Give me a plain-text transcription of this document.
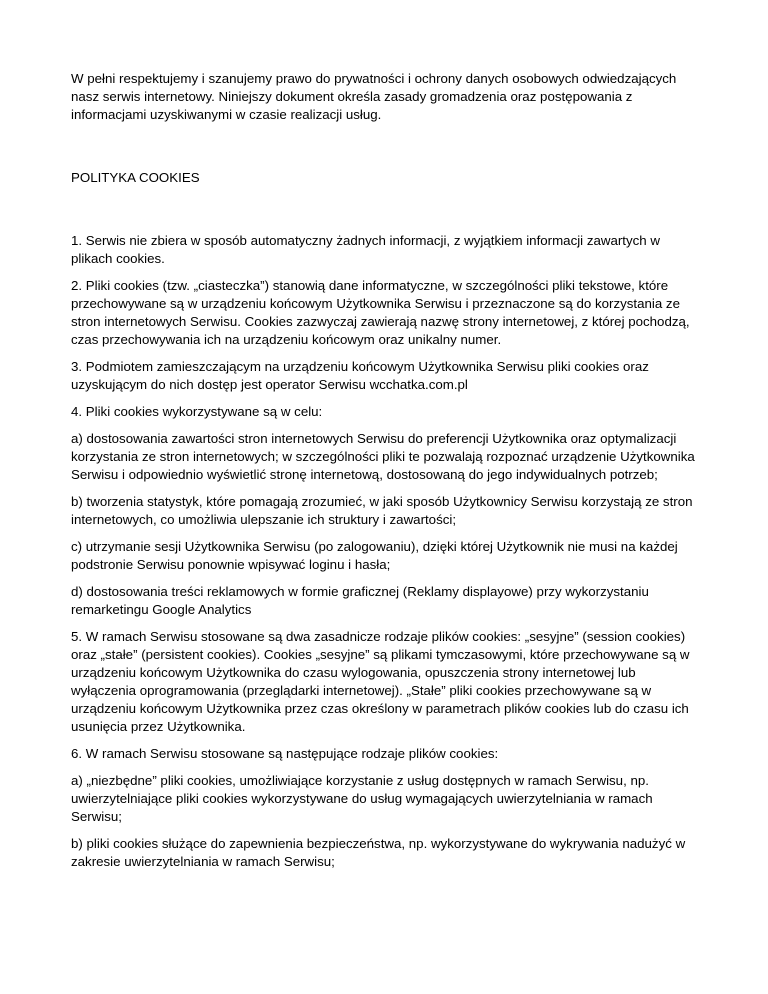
W pełni respektujemy i szanujemy prawo do prywatności i ochrony danych osobowych odwiedzających nasz serwis internetowy. Niniejszy dokument określa zasady gromadzenia oraz postępowania z informacjami uzyskiwanymi w czasie realizacji usług.

POLITYKA COOKIES

1. Serwis nie zbiera w sposób automatyczny żadnych informacji, z wyjątkiem informacji zawartych w plikach cookies.

2. Pliki cookies (tzw. „ciasteczka”) stanowią dane informatyczne, w szczególności pliki tekstowe, które przechowywane są w urządzeniu końcowym Użytkownika Serwisu i przeznaczone są do korzystania ze stron internetowych Serwisu. Cookies zazwyczaj zawierają nazwę strony internetowej, z której pochodzą, czas przechowywania ich na urządzeniu końcowym oraz unikalny numer.

3. Podmiotem zamieszczającym na urządzeniu końcowym Użytkownika Serwisu pliki cookies oraz uzyskującym do nich dostęp jest operator Serwisu wcchatka.com.pl

4. Pliki cookies wykorzystywane są w celu:

a) dostosowania zawartości stron internetowych Serwisu do preferencji Użytkownika oraz optymalizacji korzystania ze stron internetowych; w szczególności pliki te pozwalają rozpoznać urządzenie Użytkownika Serwisu i odpowiednio wyświetlić stronę internetową, dostosowaną do jego indywidualnych potrzeb;

b) tworzenia statystyk, które pomagają zrozumieć, w jaki sposób Użytkownicy Serwisu korzystają ze stron internetowych, co umożliwia ulepszanie ich struktury i zawartości;

c) utrzymanie sesji Użytkownika Serwisu (po zalogowaniu), dzięki której Użytkownik nie musi na każdej podstronie Serwisu ponownie wpisywać loginu i hasła;

d) dostosowania treści reklamowych w formie graficznej (Reklamy displayowe) przy wykorzystaniu remarketingu Google Analytics

5. W ramach Serwisu stosowane są dwa zasadnicze rodzaje plików cookies: „sesyjne” (session cookies) oraz „stałe” (persistent cookies). Cookies „sesyjne” są plikami tymczasowymi, które przechowywane są w urządzeniu końcowym Użytkownika do czasu wylogowania, opuszczenia strony internetowej lub wyłączenia oprogramowania (przeglądarki internetowej). „Stałe” pliki cookies przechowywane są w urządzeniu końcowym Użytkownika przez czas określony w parametrach plików cookies lub do czasu ich usunięcia przez Użytkownika.

6. W ramach Serwisu stosowane są następujące rodzaje plików cookies:

a) „niezbędne” pliki cookies, umożliwiające korzystanie z usług dostępnych w ramach Serwisu, np. uwierzytelniające pliki cookies wykorzystywane do usług wymagających uwierzytelniania w ramach Serwisu;

b) pliki cookies służące do zapewnienia bezpieczeństwa, np. wykorzystywane do wykrywania nadużyć w zakresie uwierzytelniania w ramach Serwisu;
